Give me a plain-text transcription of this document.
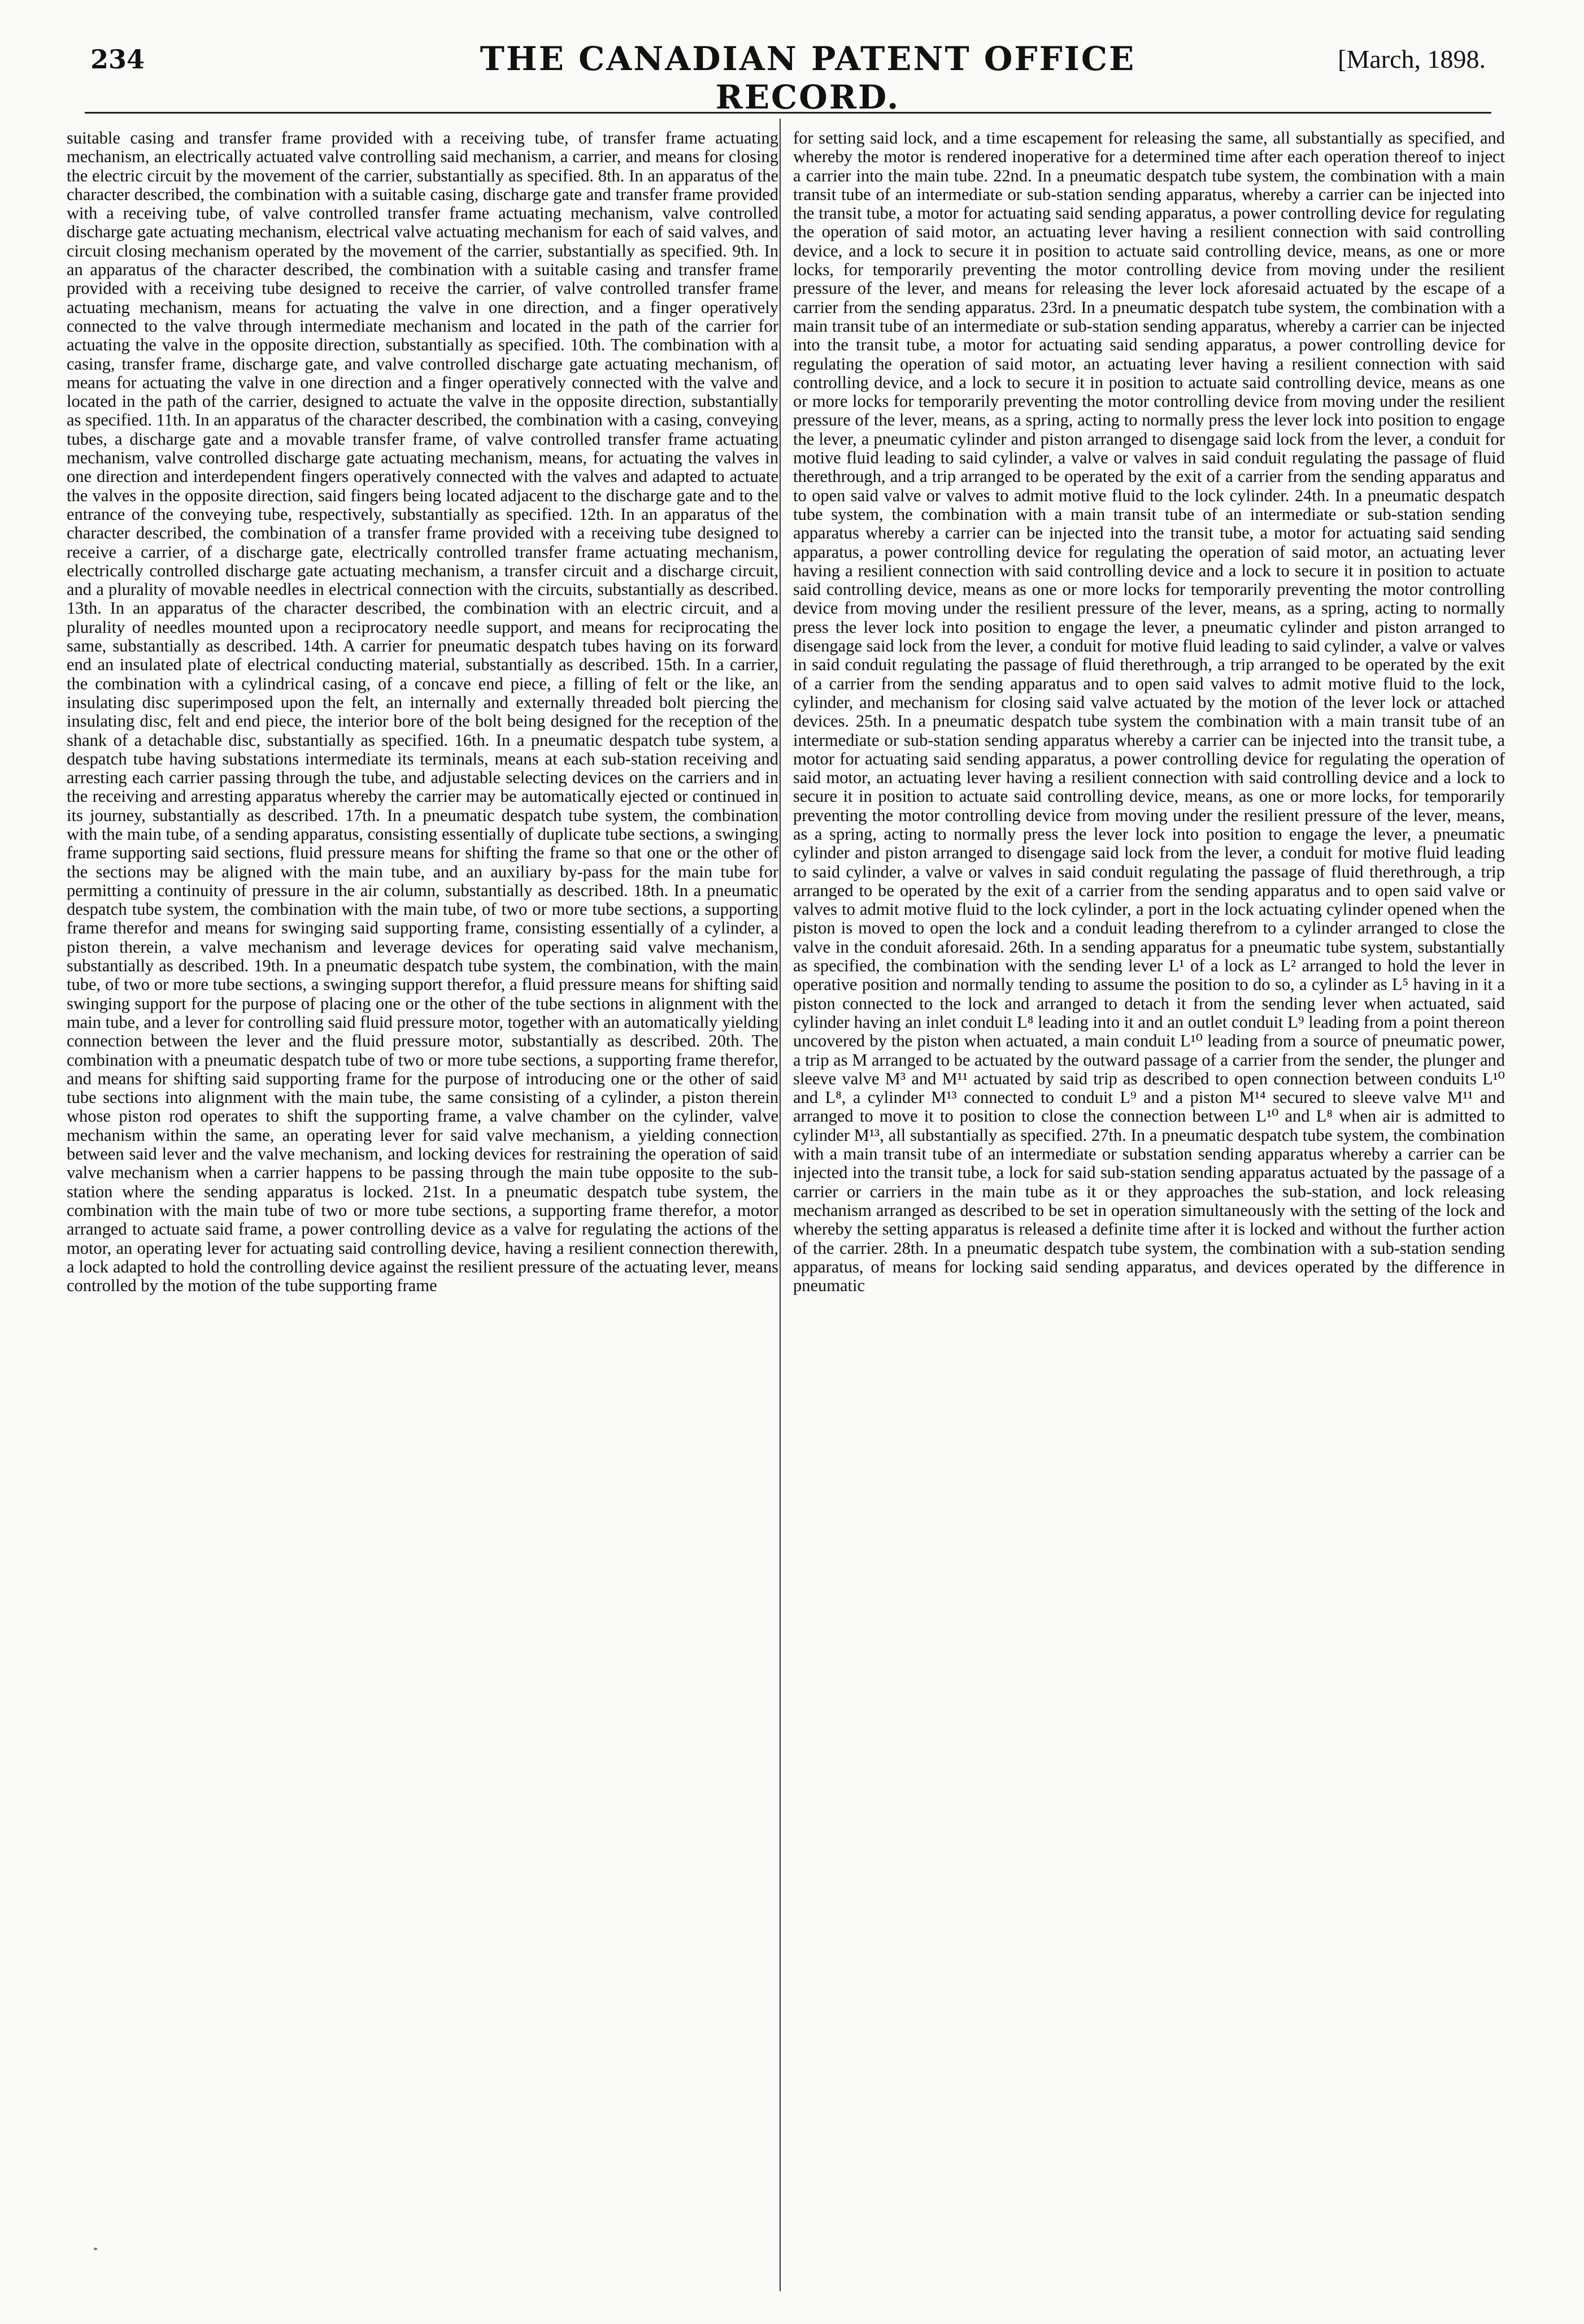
234	THE CANADIAN PATENT OFFICE RECORD.
[March, 1898.

suitable casing and transfer frame provided with a receiving tube, of transfer frame actuating mechanism, an electrically actuated valve controlling said mechanism, a carrier, and means for closing the electric circuit by the movement of the carrier, substantially as specified. 8th. In an apparatus of the character described, the combination with a suitable casing, discharge gate and transfer frame provided with a receiving tube, of valve controlled transfer frame actuating mechanism, valve controlled discharge gate actuating mechanism, electrical valve actuating mechanism for each of said valves, and circuit closing mechanism operated by the movement of the carrier, substantially as specified. 9th. In an apparatus of the character described, the combination with a suitable casing and transfer frame provided with a receiving tube designed to receive the carrier, of valve controlled transfer frame actuating mechanism, means for actuating the valve in one direction, and a finger operatively connected to the valve through intermediate mechanism and located in the path of the carrier for actuating the valve in the opposite direction, substantially as specified. 10th. The combination with a casing, transfer frame, discharge gate, and valve controlled discharge gate actuating mechanism, of means for actuating the valve in one direction and a finger operatively connected with the valve and located in the path of the carrier, designed to actuate the valve in the opposite direction, substantially as specified. 11th. In an apparatus of the character described, the combination with a casing, conveying tubes, a discharge gate and a movable transfer frame, of valve controlled transfer frame actuating mechanism, valve controlled discharge gate actuating mechanism, means, for actuating the valves in one direction and interdependent fingers operatively connected with the valves and adapted to actuate the valves in the opposite direction, said fingers being located adjacent to the discharge gate and to the entrance of the conveying tube, respectively, substantially as specified. 12th. In an apparatus of the character described, the combination of a transfer frame provided with a receiving tube designed to receive a carrier, of a discharge gate, electrically controlled transfer frame actuating mechanism, electrically controlled discharge gate actuating mechanism, a transfer circuit and a discharge circuit, and a plurality of movable needles in electrical connection with the circuits, substantially as described. 13th. In an apparatus of the character described, the combination with an electric circuit, and a plurality of needles mounted upon a reciprocatory needle support, and means for reciprocating the same, substantially as described. 14th. A carrier for pneumatic despatch tubes having on its forward end an insulated plate of electrical conducting material, substantially as described. 15th. In a carrier, the combination with a cylindrical casing, of a concave end piece, a filling of felt or the like, an insulating disc superimposed upon the felt, an internally and externally threaded bolt piercing the insulating disc, felt and end piece, the interior bore of the bolt being designed for the reception of the shank of a detachable disc, substantially as specified. 16th. In a pneumatic despatch tube system, a despatch tube having substations intermediate its terminals, means at each sub-station receiving and arresting each carrier passing through the tube, and adjustable selecting devices on the carriers and in the receiving and arresting apparatus whereby the carrier may be automatically ejected or continued in its journey, substantially as described. 17th. In a pneumatic despatch tube system, the combination with the main tube, of a sending apparatus, consisting essentially of duplicate tube sections, a swinging frame supporting said sections, fluid pressure means for shifting the frame so that one or the other of the sections may be aligned with the main tube, and an auxiliary by-pass for the main tube for permitting a continuity of pressure in the air column, substantially as described. 18th. In a pneumatic despatch tube system, the combination with the main tube, of two or more tube sections, a supporting frame therefor and means for swinging said supporting frame, consisting essentially of a cylinder, a piston therein, a valve mechanism and leverage devices for operating said valve mechanism, substantially as described. 19th. In a pneumatic despatch tube system, the combination, with the main tube, of two or more tube sections, a swinging support therefor, a fluid pressure means for shifting said swinging support for the purpose of placing one or the other of the tube sections in alignment with the main tube, and a lever for controlling said fluid pressure motor, together with an automatically yielding connection between the lever and the fluid pressure motor, substantially as described. 20th. The combination with a pneumatic despatch tube of two or more tube sections, a supporting frame therefor, and means for shifting said supporting frame for the purpose of introducing one or the other of said tube sections into alignment with the main tube, the same consisting of a cylinder, a piston therein whose piston rod operates to shift the supporting frame, a valve chamber on the cylinder, valve mechanism within the same, an operating lever for said valve mechanism, a yielding connection between said lever and the valve mechanism, and locking devices for restraining the operation of said valve mechanism when a carrier happens to be passing through the main tube opposite to the sub-station where the sending apparatus is locked. 21st. In a pneumatic despatch tube system, the combination with the main tube of two or more tube sections, a supporting frame therefor, a motor arranged to actuate said frame, a power controlling device as a valve for regulating the actions of the motor, an operating lever for actuating said controlling device, having a resilient connection therewith, a lock adapted to hold the controlling device against the resilient pressure of the actuating lever, means controlled by the motion of the tube supporting frame

for setting said lock, and a time escapement for releasing the same, all substantially as specified, and whereby the motor is rendered inoperative for a determined time after each operation thereof to inject a carrier into the main tube. 22nd. In a pneumatic despatch tube system, the combination with a main transit tube of an intermediate or sub-station sending apparatus, whereby a carrier can be injected into the transit tube, a motor for actuating said sending apparatus, a power controlling device for regulating the operation of said motor, an actuating lever having a resilient connection with said controlling device, and a lock to secure it in position to actuate said controlling device, means, as one or more locks, for temporarily preventing the motor controlling device from moving under the resilient pressure of the lever, and means for releasing the lever lock aforesaid actuated by the escape of a carrier from the sending apparatus. 23rd. In a pneumatic despatch tube system, the combination with a main transit tube of an intermediate or sub-station sending apparatus, whereby a carrier can be injected into the transit tube, a motor for actuating said sending apparatus, a power controlling device for regulating the operation of said motor, an actuating lever having a resilient connection with said controlling device, and a lock to secure it in position to actuate said controlling device, means as one or more locks for temporarily preventing the motor controlling device from moving under the resilient pressure of the lever, means, as a spring, acting to normally press the lever lock into position to engage the lever, a pneumatic cylinder and piston arranged to disengage said lock from the lever, a conduit for motive fluid leading to said cylinder, a valve or valves in said conduit regulating the passage of fluid therethrough, and a trip arranged to be operated by the exit of a carrier from the sending apparatus and to open said valve or valves to admit motive fluid to the lock cylinder. 24th. In a pneumatic despatch tube system, the combination with a main transit tube of an intermediate or sub-station sending apparatus whereby a carrier can be injected into the transit tube, a motor for actuating said sending apparatus, a power controlling device for regulating the operation of said motor, an actuating lever having a resilient connection with said controlling device and a lock to secure it in position to actuate said controlling device, means as one or more locks for temporarily preventing the motor controlling device from moving under the resilient pressure of the lever, means, as a spring, acting to normally press the lever lock into position to engage the lever, a pneumatic cylinder and piston arranged to disengage said lock from the lever, a conduit for motive fluid leading to said cylinder, a valve or valves in said conduit regulating the passage of fluid therethrough, a trip arranged to be operated by the exit of a carrier from the sending apparatus and to open said valves to admit motive fluid to the lock, cylinder, and mechanism for closing said valve actuated by the motion of the lever lock or attached devices. 25th. In a pneumatic despatch tube system the combination with a main transit tube of an intermediate or sub-station sending apparatus whereby a carrier can be injected into the transit tube, a motor for actuating said sending apparatus, a power controlling device for regulating the operation of said motor, an actuating lever having a resilient connection with said controlling device and a lock to secure it in position to actuate said controlling device, means, as one or more locks, for temporarily preventing the motor controlling device from moving under the resilient pressure of the lever, means, as a spring, acting to normally press the lever lock into position to engage the lever, a pneumatic cylinder and piston arranged to disengage said lock from the lever, a conduit for motive fluid leading to said cylinder, a valve or valves in said conduit regulating the passage of fluid therethrough, a trip arranged to be operated by the exit of a carrier from the sending apparatus and to open said valve or valves to admit motive fluid to the lock cylinder, a port in the lock actuating cylinder opened when the piston is moved to open the lock and a conduit leading therefrom to a cylinder arranged to close the valve in the conduit aforesaid. 26th. In a sending apparatus for a pneumatic tube system, substantially as specified, the combination with the sending lever L¹ of a lock as L² arranged to hold the lever in operative position and normally tending to assume the position to do so, a cylinder as L⁵ having in it a piston connected to the lock and arranged to detach it from the sending lever when actuated, said cylinder having an inlet conduit L⁸ leading into it and an outlet conduit L⁹ leading from a point thereon uncovered by the piston when actuated, a main conduit L¹⁰ leading from a source of pneumatic power, a trip as M arranged to be actuated by the outward passage of a carrier from the sender, the plunger and sleeve valve M³ and M¹¹ actuated by said trip as described to open connection between conduits L¹⁰ and L⁸, a cylinder M¹³ connected to conduit L⁹ and a piston M¹⁴ secured to sleeve valve M¹¹ and arranged to move it to position to close the connection between L¹⁰ and L⁸ when air is admitted to cylinder M¹³, all substantially as specified. 27th. In a pneumatic despatch tube system, the combination with a main transit tube of an intermediate or substation sending apparatus whereby a carrier can be injected into the transit tube, a lock for said sub-station sending apparatus actuated by the passage of a carrier or carriers in the main tube as it or they approaches the sub-station, and lock releasing mechanism arranged as described to be set in operation simultaneously with the setting of the lock and whereby the setting apparatus is released a definite time after it is locked and without the further action of the carrier. 28th. In a pneumatic despatch tube system, the combination with a sub-station sending apparatus, of means for locking said sending apparatus, and devices operated by the difference in pneumatic
